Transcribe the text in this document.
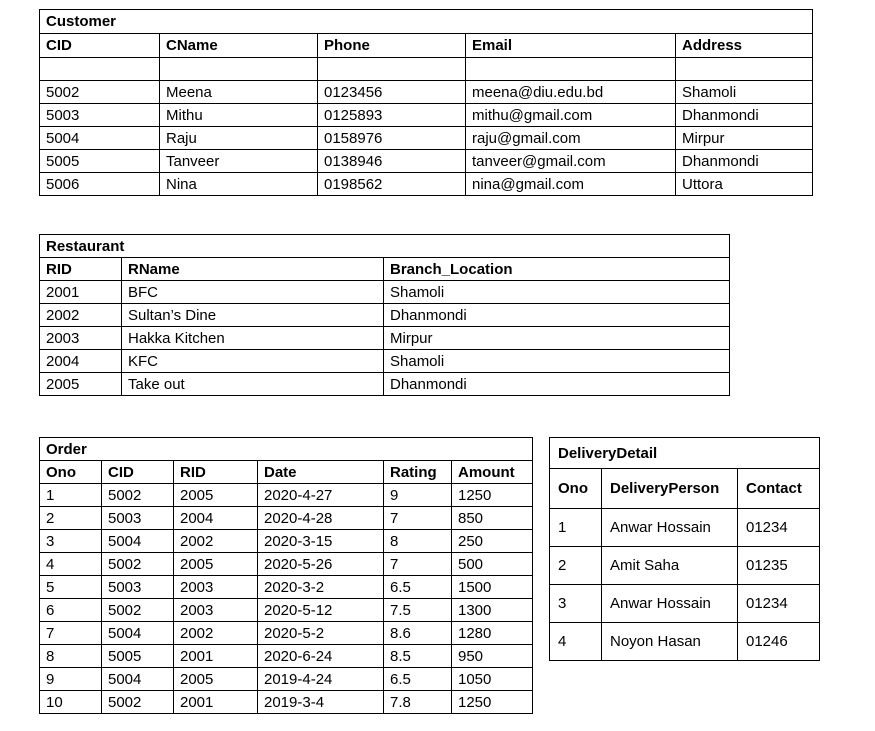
Customer				
CID	CName	Phone	Email	Address

5002	Meena	0123456	meena@diu.edu.bd	Shamoli
5003	Mithu	0125893	mithu@gmail.com	Dhanmondi
5004	Raju	0158976	raju@gmail.com	Mirpur
5005	Tanveer	0138946	tanveer@gmail.com	Dhanmondi
5006	Nina	0198562	nina@gmail.com	Uttora
Restaurant		
RID	RName	Branch_Location
2001	BFC	Shamoli
2002	Sultan’s Dine	Dhanmondi
2003	Hakka Kitchen	Mirpur
2004	KFC	Shamoli
2005	Take out	Dhanmondi
Order					
Ono	CID	RID	Date	Rating	Amount
1	5002	2005	2020-4-27	9	1250
2	5003	2004	2020-4-28	7	850
3	5004	2002	2020-3-15	8	250
4	5002	2005	2020-5-26	7	500
5	5003	2003	2020-3-2	6.5	1500
6	5002	2003	2020-5-12	7.5	1300
7	5004	2002	2020-5-2	8.6	1280
8	5005	2001	2020-6-24	8.5	950
9	5004	2005	2019-4-24	6.5	1050
10	5002	2001	2019-3-4	7.8	1250
DeliveryDetail		
Ono	DeliveryPerson	Contact
1	Anwar Hossain	01234
2	Amit Saha	01235
3	Anwar Hossain	01234
4	Noyon Hasan	01246
